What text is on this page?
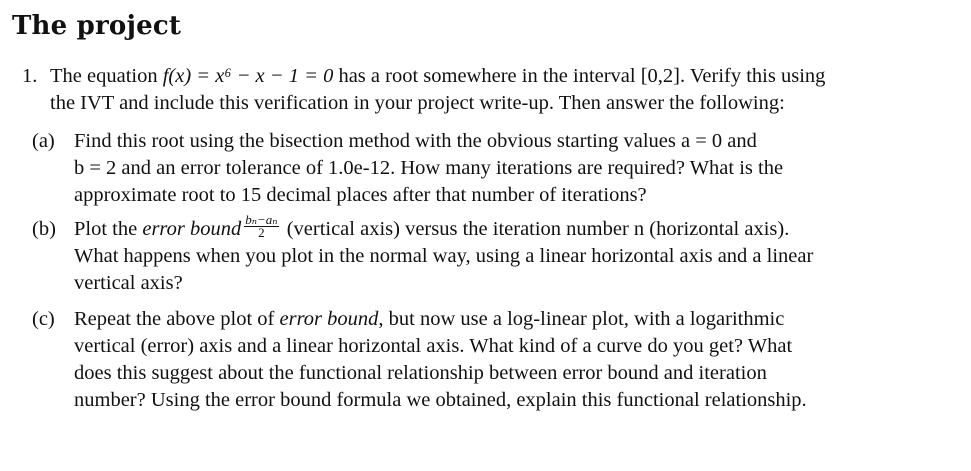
The project
1. The equation f(x) = x⁶ − x − 1 = 0 has a root somewhere in the interval [0,2]. Verify this using

the IVT and include this verification in your project write-up. Then answer the following:

(a) Find this root using the bisection method with the obvious starting values a = 0 and

b = 2 and an error tolerance of 1.0e-12. How many iterations are required? What is the

approximate root to 15 decimal places after that number of iterations?

(b) Plot the error bound $\frac{\text{bₙ−aₙ}}{2}$ (vertical axis) versus the iteration number n (horizontal axis).

What happens when you plot in the normal way, using a linear horizontal axis and a linear

vertical axis?

(c) Repeat the above plot of error bound, but now use a log-linear plot, with a logarithmic

vertical (error) axis and a linear horizontal axis. What kind of a curve do you get? What

does this suggest about the functional relationship between error bound and iteration

number? Using the error bound formula we obtained, explain this functional relationship.
